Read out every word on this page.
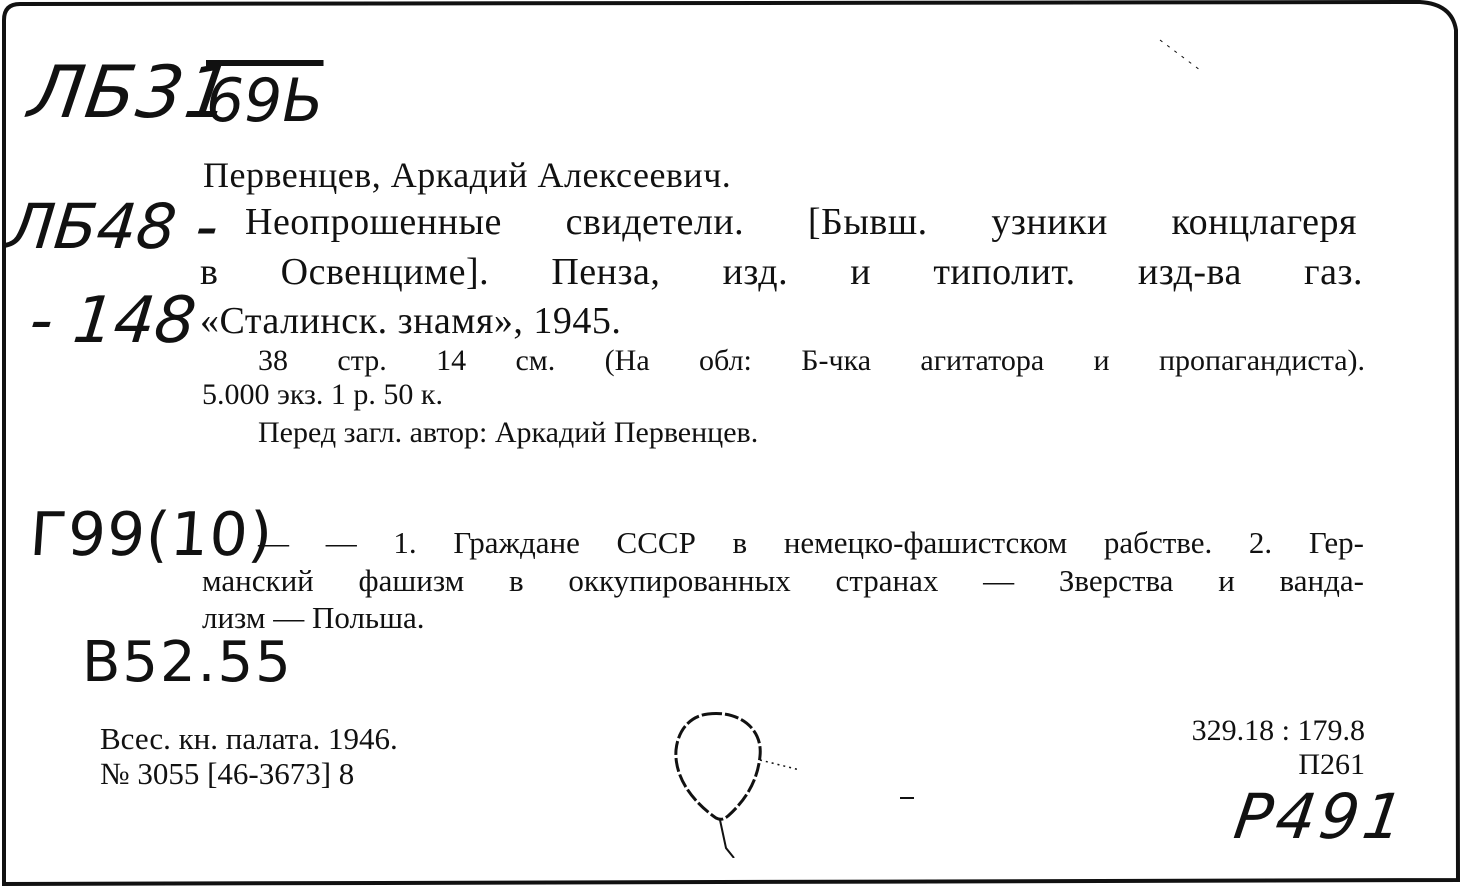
ЛБ31
69Ь
ЛБ48 -
- 148
Г99(10)
В52.55
Р491
Первенцев, Аркадий Алексеевич.
Неопрошенные свидетели. [Бывш. узники концлагеря
в Освенциме]. Пенза, изд. и типолит. изд-ва газ.
«Сталинск. знамя», 1945.
38 стр. 14 см. (На обл: Б-чка агитатора и пропагандиста).
5.000 экз. 1 р. 50 к.
Перед загл. автор: Аркадий Первенцев.
— — 1. Граждане СССР в немецко-фашистском рабстве. 2. Гер-
манский фашизм в оккупированных странах — Зверства и ванда-
лизм — Польша.
Всес. кн. палата. 1946.
№ 3055 [46-3673] 8
329.18 : 179.8
П261
